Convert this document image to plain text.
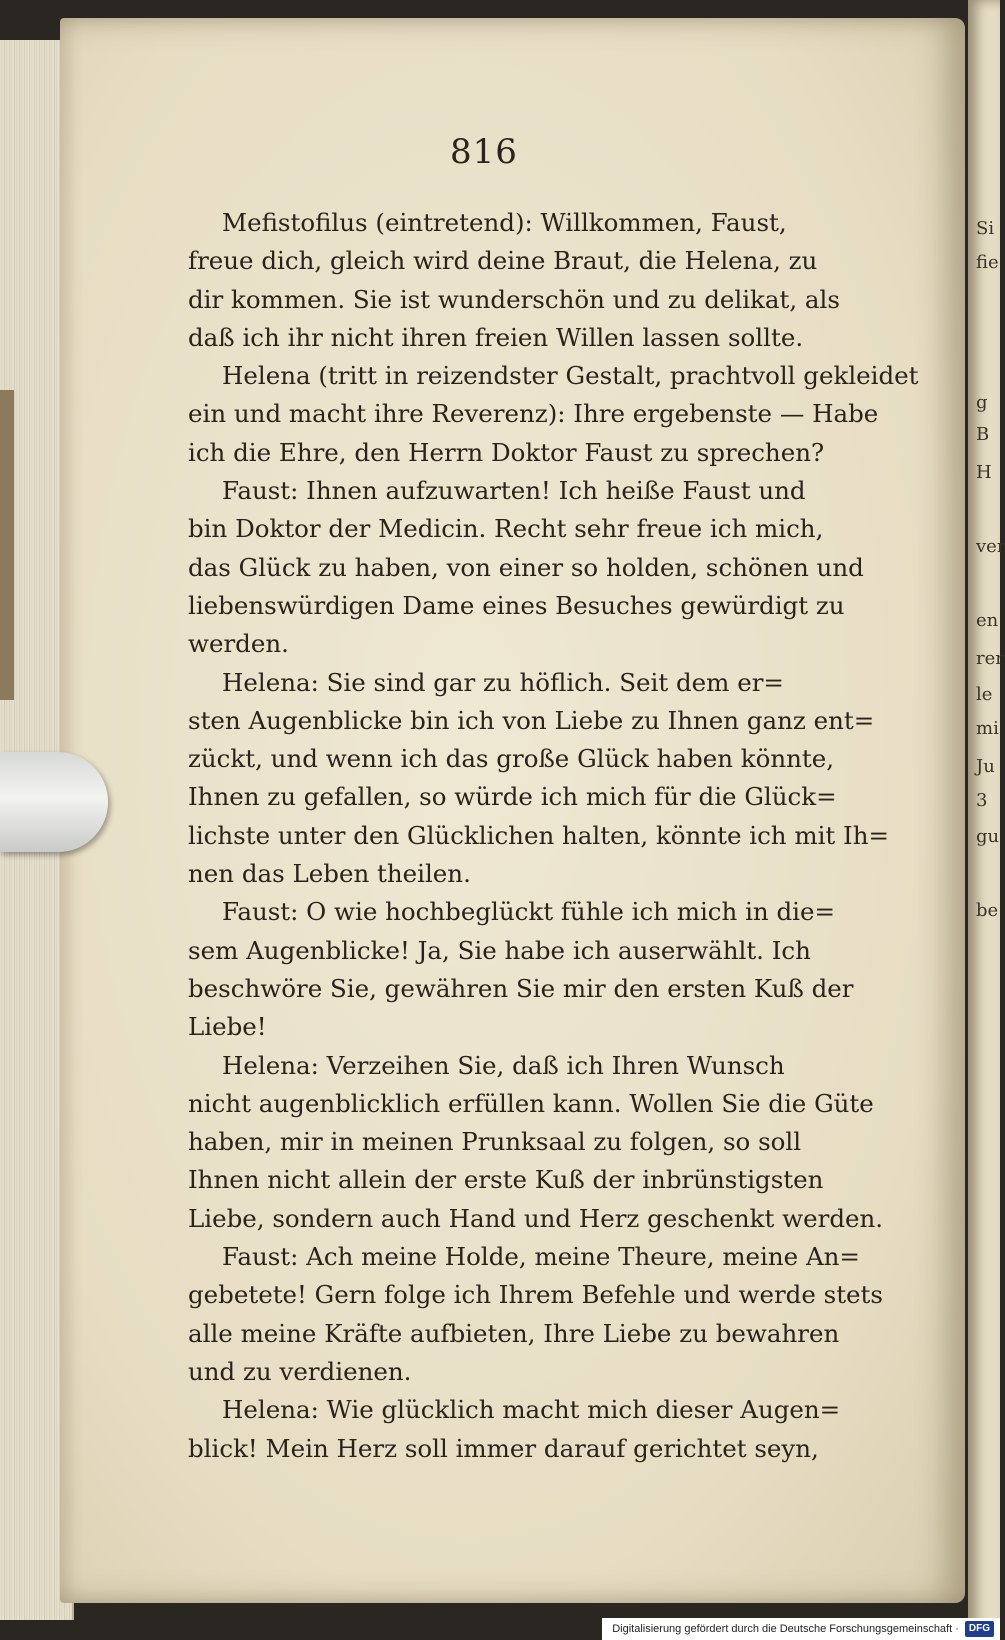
Si
fie
g
B
H
ver
en
rer
le
mi
Ju
3
gu
be
816
Mefistofilus (eintretend): Willkommen, Faust,
freue dich, gleich wird deine Braut, die Helena, zu
dir kommen. Sie ist wunderschön und zu delikat, als
daß ich ihr nicht ihren freien Willen lassen sollte.
Helena (tritt in reizendster Gestalt, prachtvoll gekleidet
ein und macht ihre Reverenz): Ihre ergebenste — Habe
ich die Ehre, den Herrn Doktor Faust zu sprechen?
Faust: Ihnen aufzuwarten! Ich heiße Faust und
bin Doktor der Medicin. Recht sehr freue ich mich,
das Glück zu haben, von einer so holden, schönen und
liebenswürdigen Dame eines Besuches gewürdigt zu
werden.
Helena: Sie sind gar zu höflich. Seit dem er=
sten Augenblicke bin ich von Liebe zu Ihnen ganz ent=
zückt, und wenn ich das große Glück haben könnte,
Ihnen zu gefallen, so würde ich mich für die Glück=
lichste unter den Glücklichen halten, könnte ich mit Ih=
nen das Leben theilen.
Faust: O wie hochbeglückt fühle ich mich in die=
sem Augenblicke! Ja, Sie habe ich auserwählt. Ich
beschwöre Sie, gewähren Sie mir den ersten Kuß der
Liebe!
Helena: Verzeihen Sie, daß ich Ihren Wunsch
nicht augenblicklich erfüllen kann. Wollen Sie die Güte
haben, mir in meinen Prunksaal zu folgen, so soll
Ihnen nicht allein der erste Kuß der inbrünstigsten
Liebe, sondern auch Hand und Herz geschenkt werden.
Faust: Ach meine Holde, meine Theure, meine An=
gebetete! Gern folge ich Ihrem Befehle und werde stets
alle meine Kräfte aufbieten, Ihre Liebe zu bewahren
und zu verdienen.
Helena: Wie glücklich macht mich dieser Augen=
blick! Mein Herz soll immer darauf gerichtet seyn,
Digitalisierung gefördert durch die Deutsche Forschungsgemeinschaft ·	DFG
